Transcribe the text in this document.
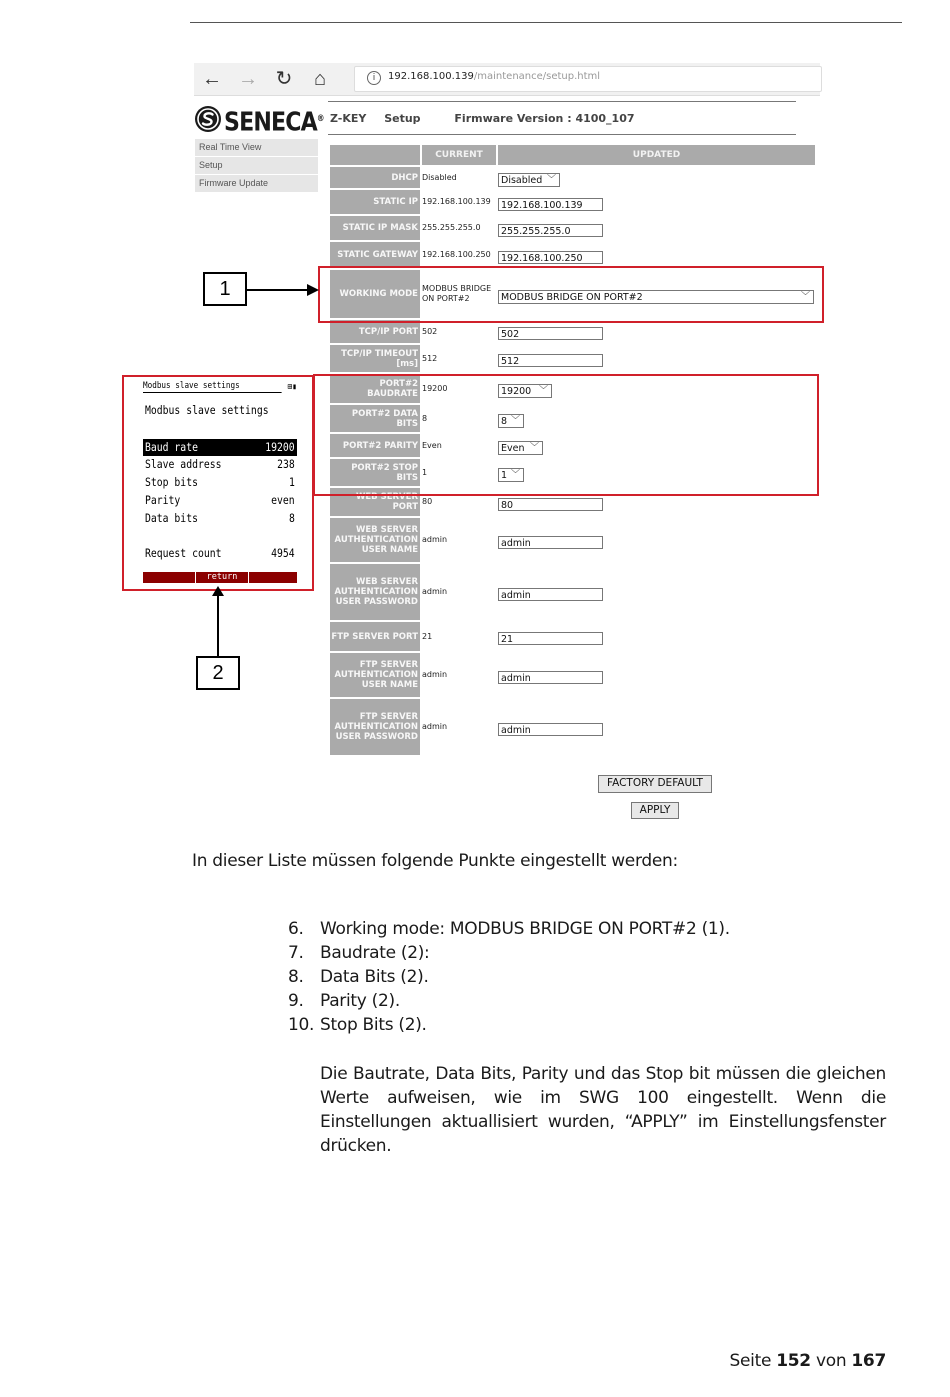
← → ↻	⌂	i	192.168.100.139/maintenance/setup.html
SENECA®
Real Time View
Setup
Firmware Update
Z-KEY Setup	Firmware Version : 4100_107
	CURRENT	UPDATED
DHCP	Disabled	Disabled ﹀

STATIC IP	192.168.100.139	192.168.100.139
STATIC IP MASK	255.255.255.0	255.255.255.0
STATIC GATEWAY	192.168.100.250	192.168.100.250
WORKING MODE	MODBUS BRIDGE ON PORT#2	MODBUS BRIDGE ON PORT#2 ﹀

TCP/IP PORT	502	502
TCP/IP TIMEOUT [ms]	512	512
PORT#2 BAUDRATE	19200	19200 ﹀

PORT#2 DATA BITS	8	8 ﹀

PORT#2 PARITY	Even	Even ﹀

PORT#2 STOP BITS	1	1 ﹀

WEB SERVER PORT	80	80
WEB SERVER AUTHENTICATION USER NAME	admin	admin
WEB SERVER AUTHENTICATION USER PASSWORD	admin	admin
FTP SERVER PORT	21	21
FTP SERVER AUTHENTICATION USER NAME	admin	admin
FTP SERVER AUTHENTICATION USER PASSWORD	admin	admin
FACTORY DEFAULT
APPLY
1
2
Modbus slave settings	⊞▮
Modbus slave settings
Baud rate	19200
Slave address	238
Stop bits	1
Parity	even
Data bits	8
Request count	4954
return
In dieser Liste müssen folgende Punkte eingestellt werden:
6. Working mode: MODBUS BRIDGE ON PORT#2 (1).
7. Baudrate (2):
8. Data Bits (2).
9. Parity (2).
10. Stop Bits (2).
Die Bautrate, Data Bits, Parity und das Stop bit müssen die gleichen Werte aufweisen, wie im SWG 100 eingestellt. Wenn die Einstellungen aktuallisiert wurden, “APPLY” im Einstellungsfenster drücken.
Seite 152 von 167
